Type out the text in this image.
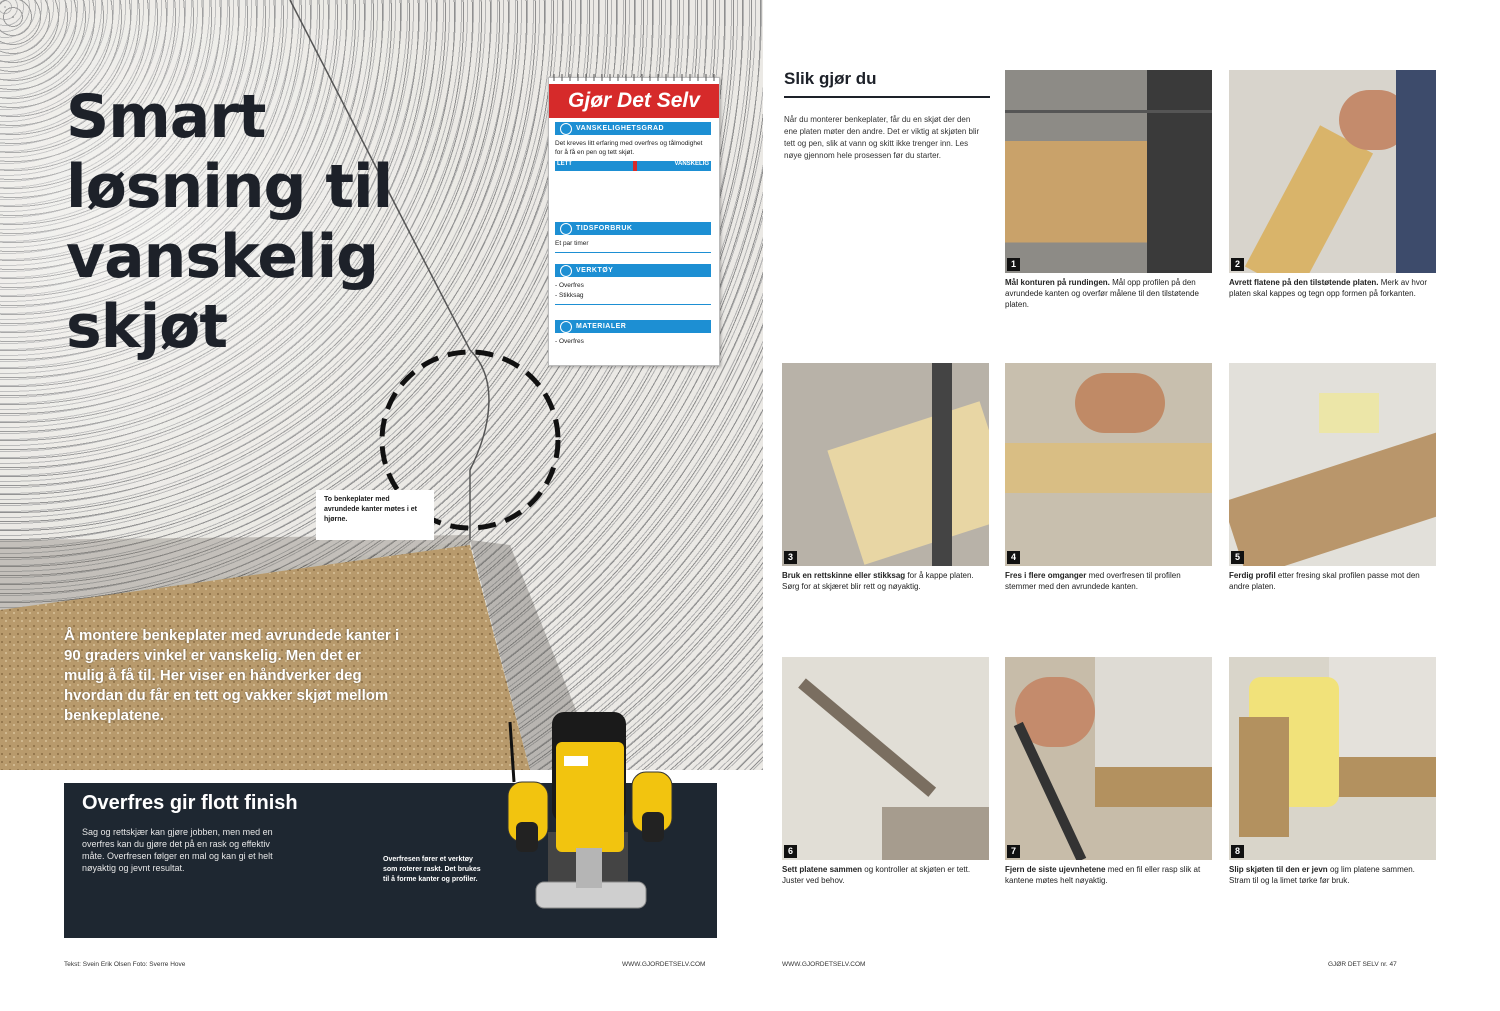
Smart
løsning til
vanskelig
skjøt
To benkeplater med avrundede kanter møtes i et hjørne.
Å montere benkeplater med avrundede kanter i 90 graders vinkel er vanskelig. Men det er mulig å få til. Her viser en håndverker deg hvordan du får en tett og vakker skjøt mellom benkeplatene.
Gjør Det Selv
VANSKELIGHETSGRAD
Det kreves litt erfaring med overfres og tålmodighet for å få en pen og tett skjøt.
LETT	VANSKELIG
TIDSFORBRUK
Et par timer
VERKTØY
- Overfres
- Stikksag
MATERIALER
- Overfres
Overfres gir flott finish
Sag og rettskjær kan gjøre jobben, men med en overfres kan du gjøre det på en rask og effektiv måte. Overfresen følger en mal og kan gi et helt nøyaktig og jevnt resultat.
Overfresen fører et verktøy som roterer raskt. Det brukes til å forme kanter og profiler.
Tekst: Svein Erik Olsen Foto: Sverre Hove	WWW.GJORDETSELV.COM
Slik gjør du
Når du monterer benkeplater, får du en skjøt der den ene platen møter den andre. Det er viktig at skjøten blir tett og pen, slik at vann og skitt ikke trenger inn. Les nøye gjennom hele prosessen før du starter.
1
Mål konturen på rundingen. Mål opp profilen på den avrundede kanten og overfør målene til den tilstøtende platen.
2
Avrett flatene på den tilstøtende platen. Merk av hvor platen skal kappes og tegn opp formen på forkanten.
3
Bruk en rettskinne eller stikksag for å kappe platen. Sørg for at skjæret blir rett og nøyaktig.
4
Fres i flere omganger med overfresen til profilen stemmer med den avrundede kanten.
5
Ferdig profil etter fresing skal profilen passe mot den andre platen.
6
Sett platene sammen og kontroller at skjøten er tett. Juster ved behov.
7
Fjern de siste ujevnhetene med en fil eller rasp slik at kantene møtes helt nøyaktig.
8
Slip skjøten til den er jevn og lim platene sammen. Stram til og la limet tørke før bruk.
WWW.GJORDETSELV.COM	GJØR DET SELV nr. 47
